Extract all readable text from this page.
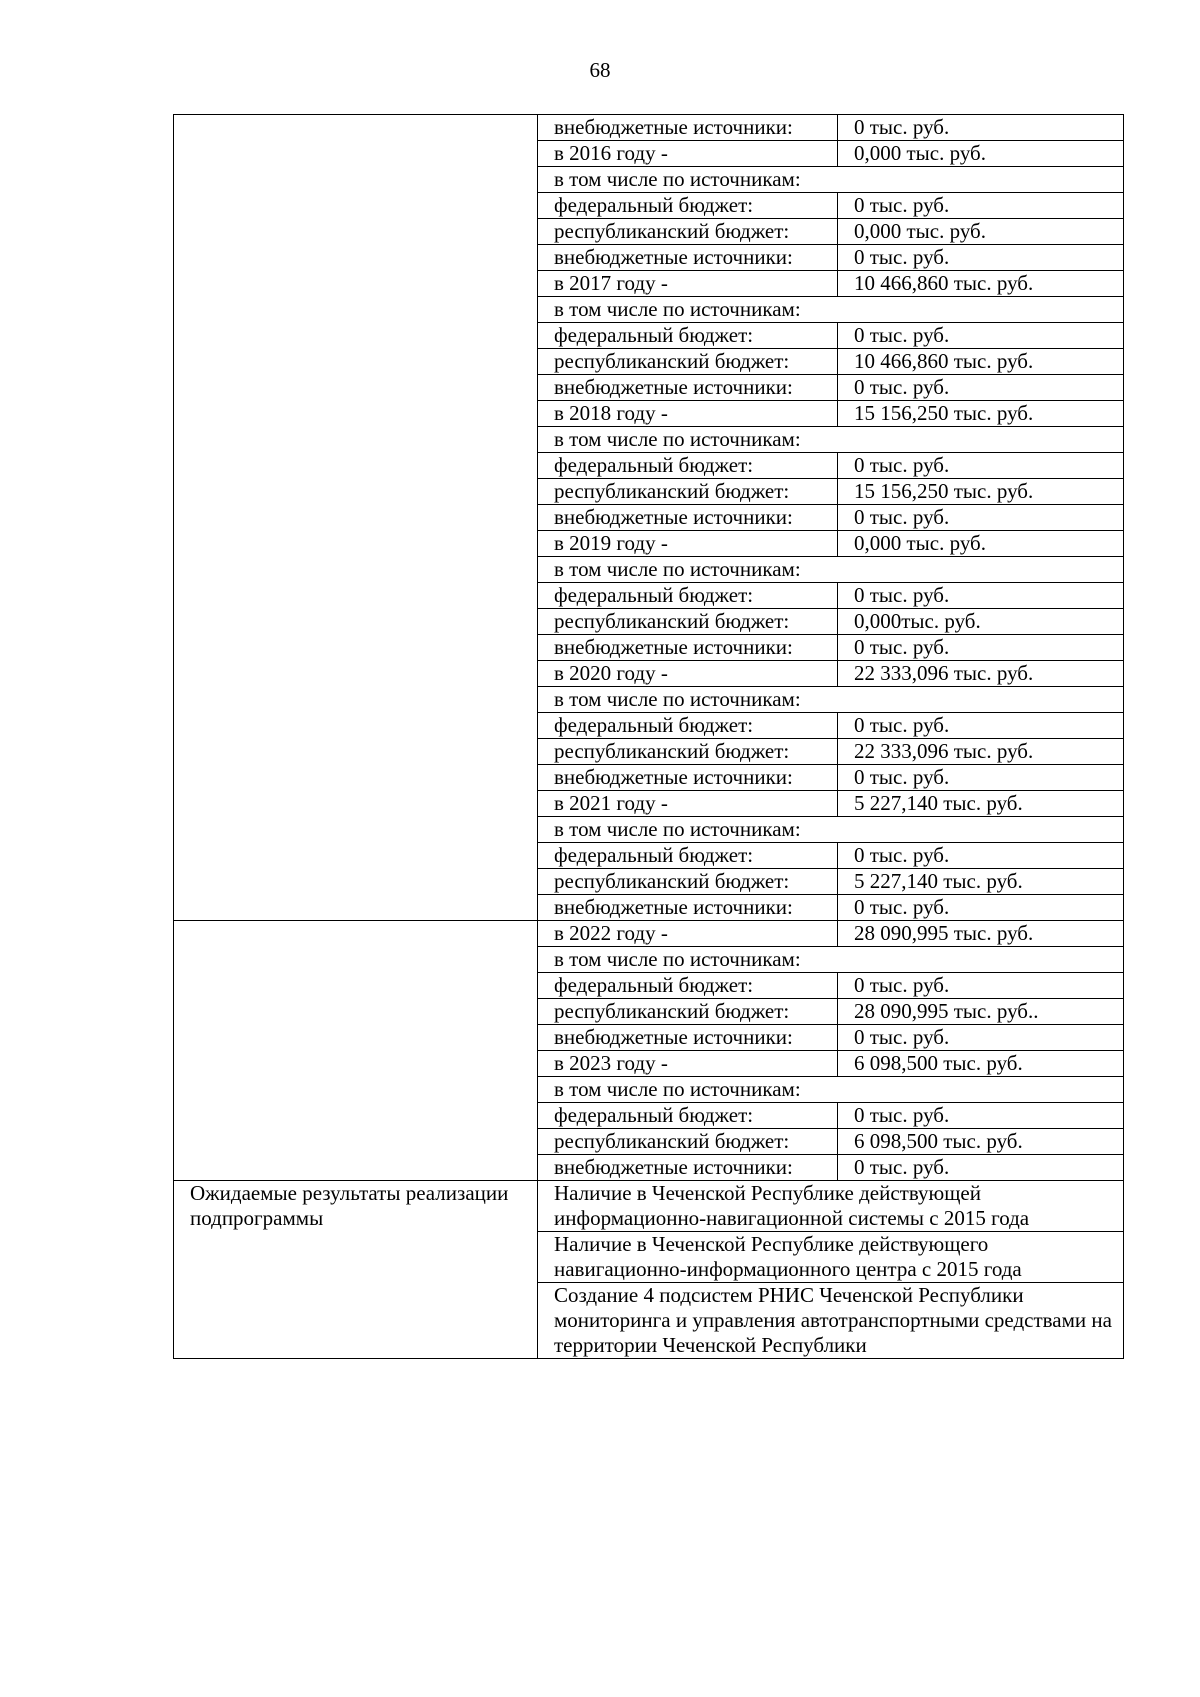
68
	внебюджетные источники:	0 тыс. руб.
	в 2016 году -	0,000 тыс. руб.
	в том числе по источникам:	
	федеральный бюджет:	0 тыс. руб.
	республиканский бюджет:	0,000 тыс. руб.
	внебюджетные источники:	0 тыс. руб.
	в 2017 году -	10 466,860 тыс. руб.
	в том числе по источникам:	
	федеральный бюджет:	0 тыс. руб.
	республиканский бюджет:	10 466,860 тыс. руб.
	внебюджетные источники:	0 тыс. руб.
	в 2018 году -	15 156,250 тыс. руб.
	в том числе по источникам:	
	федеральный бюджет:	0 тыс. руб.
	республиканский бюджет:	15 156,250 тыс. руб.
	внебюджетные источники:	0 тыс. руб.
	в 2019 году -	0,000 тыс. руб.
	в том числе по источникам:	
	федеральный бюджет:	0 тыс. руб.
	республиканский бюджет:	0,000тыс. руб.
	внебюджетные источники:	0 тыс. руб.
	в 2020 году -	22 333,096 тыс. руб.
	в том числе по источникам:	
	федеральный бюджет:	0 тыс. руб.
	республиканский бюджет:	22 333,096 тыс. руб.
	внебюджетные источники:	0 тыс. руб.
	в 2021 году -	5 227,140 тыс. руб.
	в том числе по источникам:	
	федеральный бюджет:	0 тыс. руб.
	республиканский бюджет:	5 227,140 тыс. руб.
	внебюджетные источники:	0 тыс. руб.
	в 2022 году -	28 090,995 тыс. руб.
	в том числе по источникам:	
	федеральный бюджет:	0 тыс. руб.
	республиканский бюджет:	28 090,995 тыс. руб..
	внебюджетные источники:	0 тыс. руб.
	в 2023 году -	6 098,500 тыс. руб.
	в том числе по источникам:	
	федеральный бюджет:	0 тыс. руб.
	республиканский бюджет:	6 098,500 тыс. руб.
	внебюджетные источники:	0 тыс. руб.
Ожидаемые результаты реализации подпрограммы	Наличие в Чеченской Республике действующей информационно-навигационной системы с 2015 года	
	Наличие в Чеченской Республике действующего навигационно-информационного центра с 2015 года	
	Создание 4 подсистем РНИС Чеченской Республики мониторинга и управления автотранспортными средствами на территории Чеченской Республики	
